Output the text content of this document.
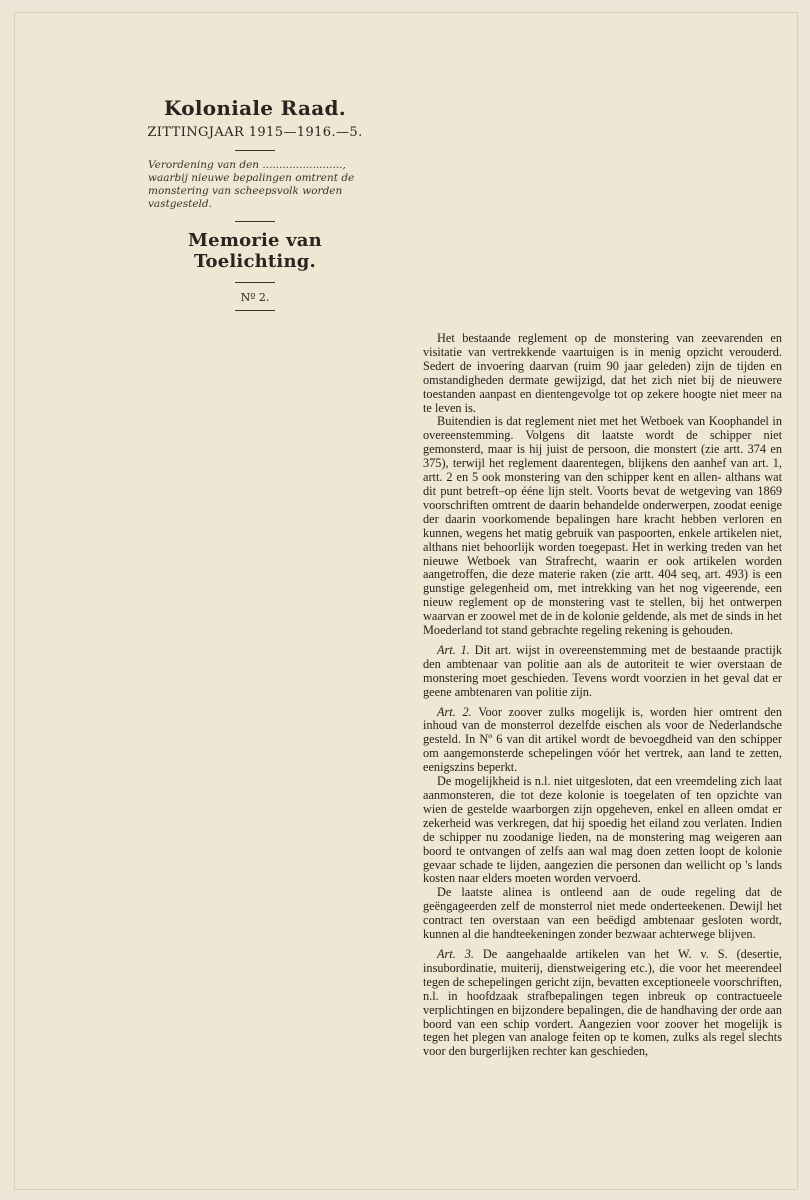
Koloniale Raad.
ZITTINGJAAR 1915—1916.—5.
Verordening van den ........................, waarbij nieuwe bepalingen omtrent de monstering van scheepsvolk worden vastgesteld.
Memorie van Toelichting.
Nº 2.

Het bestaande reglement op de monstering van zeevarenden en visitatie van vertrekkende vaartuigen is in menig opzicht verouderd. Sedert de invoering daarvan (ruim 90 jaar geleden) zijn de tijden en omstandigheden dermate gewijzigd, dat het zich niet bij de nieuwere toestanden aanpast en dientengevolge tot op zekere hoogte niet meer na te leven is.

Buitendien is dat reglement niet met het Wetboek van Koophandel in overeenstemming. Volgens dit laatste wordt de schipper niet gemonsterd, maar is hij juist de persoon, die monstert (zie artt. 374 en 375), terwijl het reglement daarentegen, blijkens den aanhef van art. 1, artt. 2 en 5 ook monstering van den schipper kent en allen- althans wat dit punt betreft–op éénе lijn stelt. Voorts bevat de wetgeving van 1869 voorschriften omtrent de daarin behandelde onderwerpen, zoodat eenige der daarin voorkomende bepalingen hare kracht hebben verloren en kunnen, wegens het matig gebruik van paspoorten, enkele artikelen niet, althans niet behoorlijk worden toegepast. Het in werking treden van het nieuwe Wetboek van Strafrecht, waarin er ook artikelen worden aangetroffen, die deze materie raken (zie artt. 404 seq, art. 493) is een gunstige gelegenheid om, met intrekking van het nog vigeerende, een nieuw reglement op de monstering vast te stellen, bij het ontwerpen waarvan er zoowel met de in de kolonie geldende, als met de sinds in het Moederland tot stand gebrachte regeling rekening is gehouden.

Art. 1. Dit art. wijst in overeenstemming met de bestaande practijk den ambtenaar van politie aan als de autoriteit te wier overstaan de monstering moet geschieden. Tevens wordt voorzien in het geval dat er geene ambtenaren van politie zijn.

Art. 2. Voor zoover zulks mogelijk is, worden hier omtrent den inhoud van de monsterrol dezelfde eischen als voor de Nederlandsche gesteld. In Nº 6 van dit artikel wordt de bevoegdheid van den schipper om aangemonsterde schepelingen vóór het vertrek, aan land te zetten, eenigszins beperkt.

De mogelijkheid is n.l. niet uitgesloten, dat een vreemdeling zich laat aanmonsteren, die tot deze kolonie is toegelaten of ten opzichte van wien de gestelde waarborgen zijn opgeheven, enkel en alleen omdat er zekerheid was verkregen, dat hij spoedig het eiland zou verlaten. Indien de schipper nu zoodanige lieden, na de monstering mag weigeren aan boord te ontvangen of zelfs aan wal mag doen zetten loopt de kolonie gevaar schade te lijden, aangezien die personen dan wellicht op 's lands kosten naar elders moeten worden vervoerd.

De laatste alinea is ontleend aan de oude regeling dat de geëngageerden zelf de monsterrol niet mede onderteekenen. Dewijl het contract ten overstaan van een beëdigd ambtenaar gesloten wordt, kunnen al die handteekeningen zonder bezwaar achterwege blijven.

Art. 3. De aangehaalde artikelen van het W. v. S. (desertie, insubordinatie, muiterij, dienstweigering etc.), die voor het meerendeel tegen de schepelingen gericht zijn, bevatten exceptioneele voorschriften, n.l. in hoofdzaak strafbepalingen tegen inbreuk op contractueele verplichtingen en bijzondere bepalingen, die de handhaving der orde aan boord van een schip vordert. Aangezien voor zoover het mogelijk is tegen het plegen van analoge feiten op te komen, zulks als regel slechts voor den burgerlijken rechter kan geschieden,
